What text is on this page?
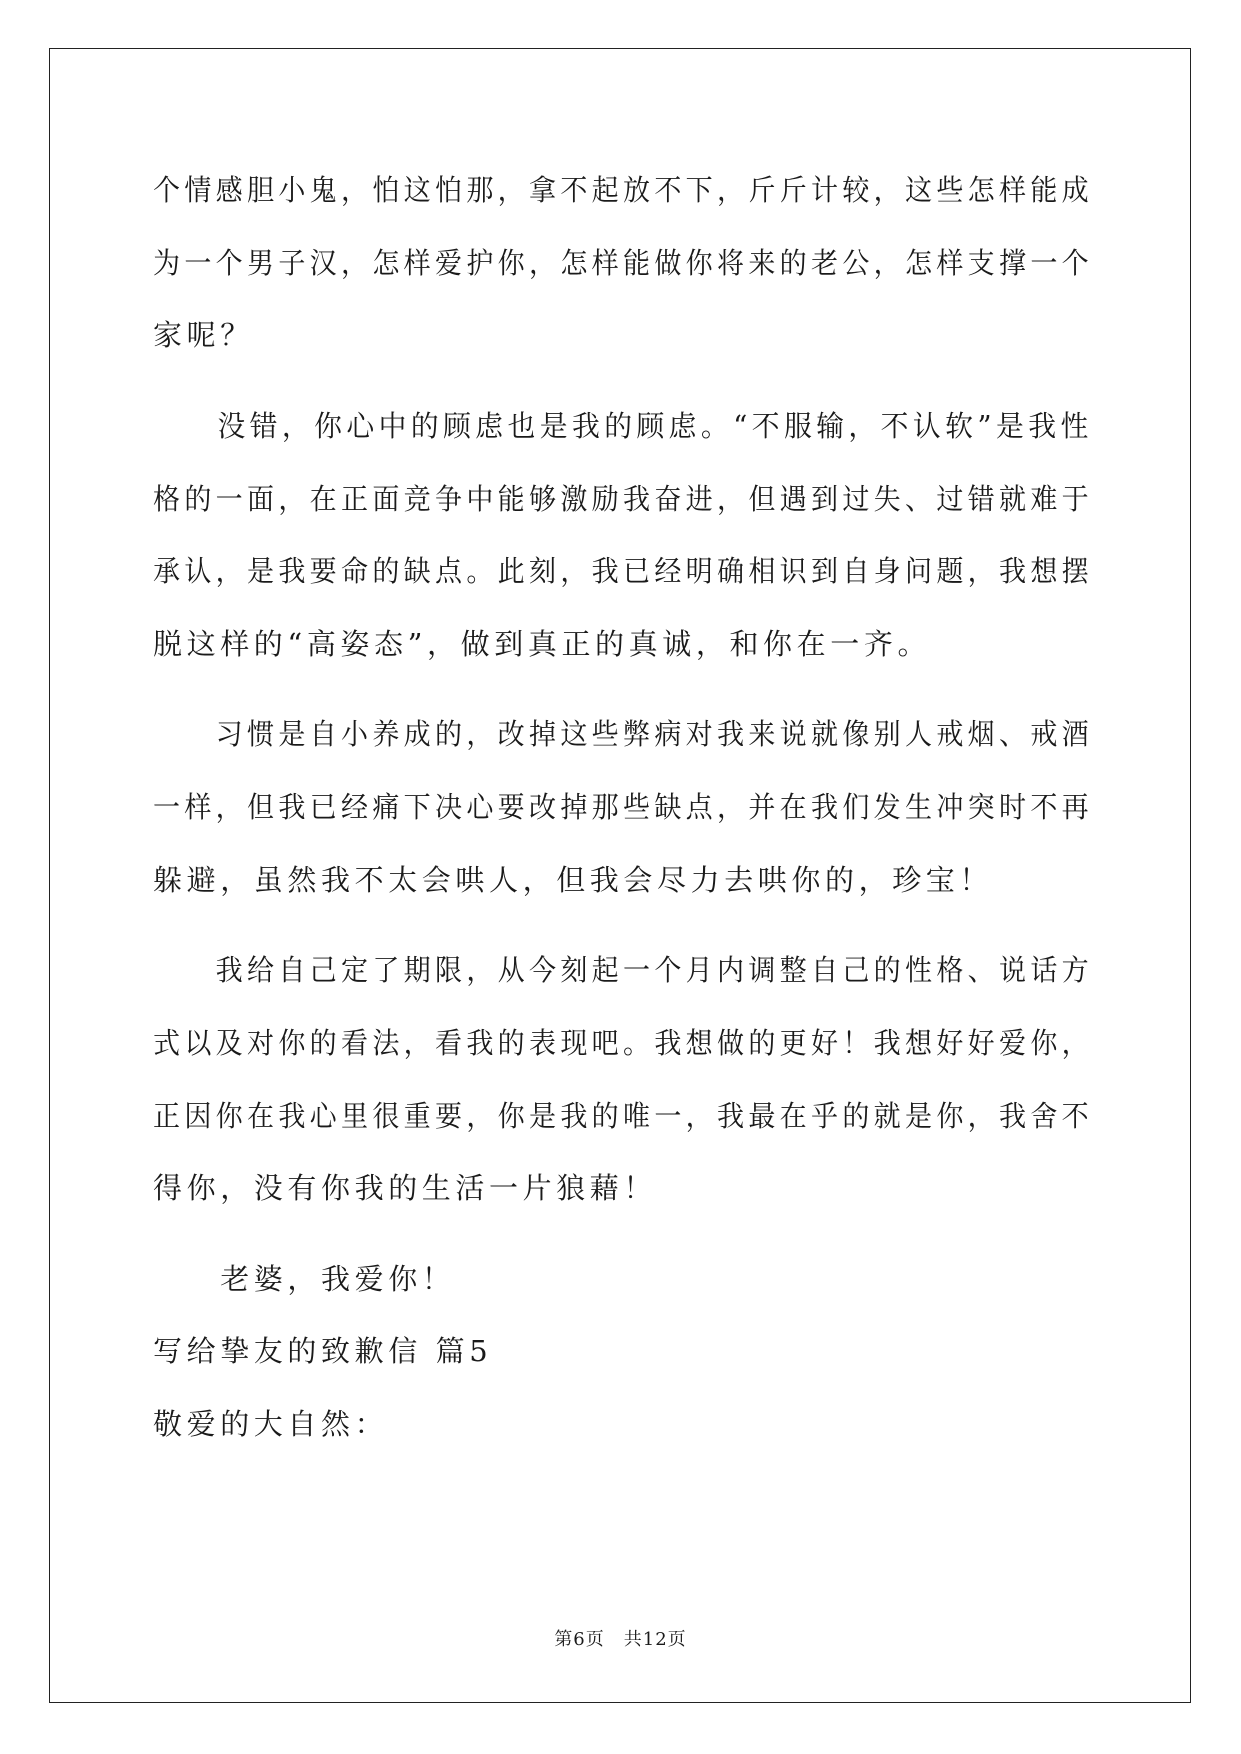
个情感胆小鬼，怕这怕那，拿不起放不下，斤斤计较，这些怎样能成
为一个男子汉，怎样爱护你，怎样能做你将来的老公，怎样支撑一个
家呢？
　　没错，你心中的顾虑也是我的顾虑。“不服输，不认软”是我性
格的一面，在正面竞争中能够激励我奋进，但遇到过失、过错就难于
承认，是我要命的缺点。此刻，我已经明确相识到自身问题，我想摆
脱这样的“高姿态”，做到真正的真诚，和你在一齐。
　　习惯是自小养成的，改掉这些弊病对我来说就像别人戒烟、戒酒
一样，但我已经痛下决心要改掉那些缺点，并在我们发生冲突时不再
躲避，虽然我不太会哄人，但我会尽力去哄你的，珍宝！
　　我给自己定了期限，从今刻起一个月内调整自己的性格、说话方
式以及对你的看法，看我的表现吧。我想做的更好！我想好好爱你，
正因你在我心里很重要，你是我的唯一，我最在乎的就是你，我舍不
得你，没有你我的生活一片狼藉！
　　老婆，我爱你！
写给挚友的致歉信 篇5
敬爱的大自然：
第6页　共12页
